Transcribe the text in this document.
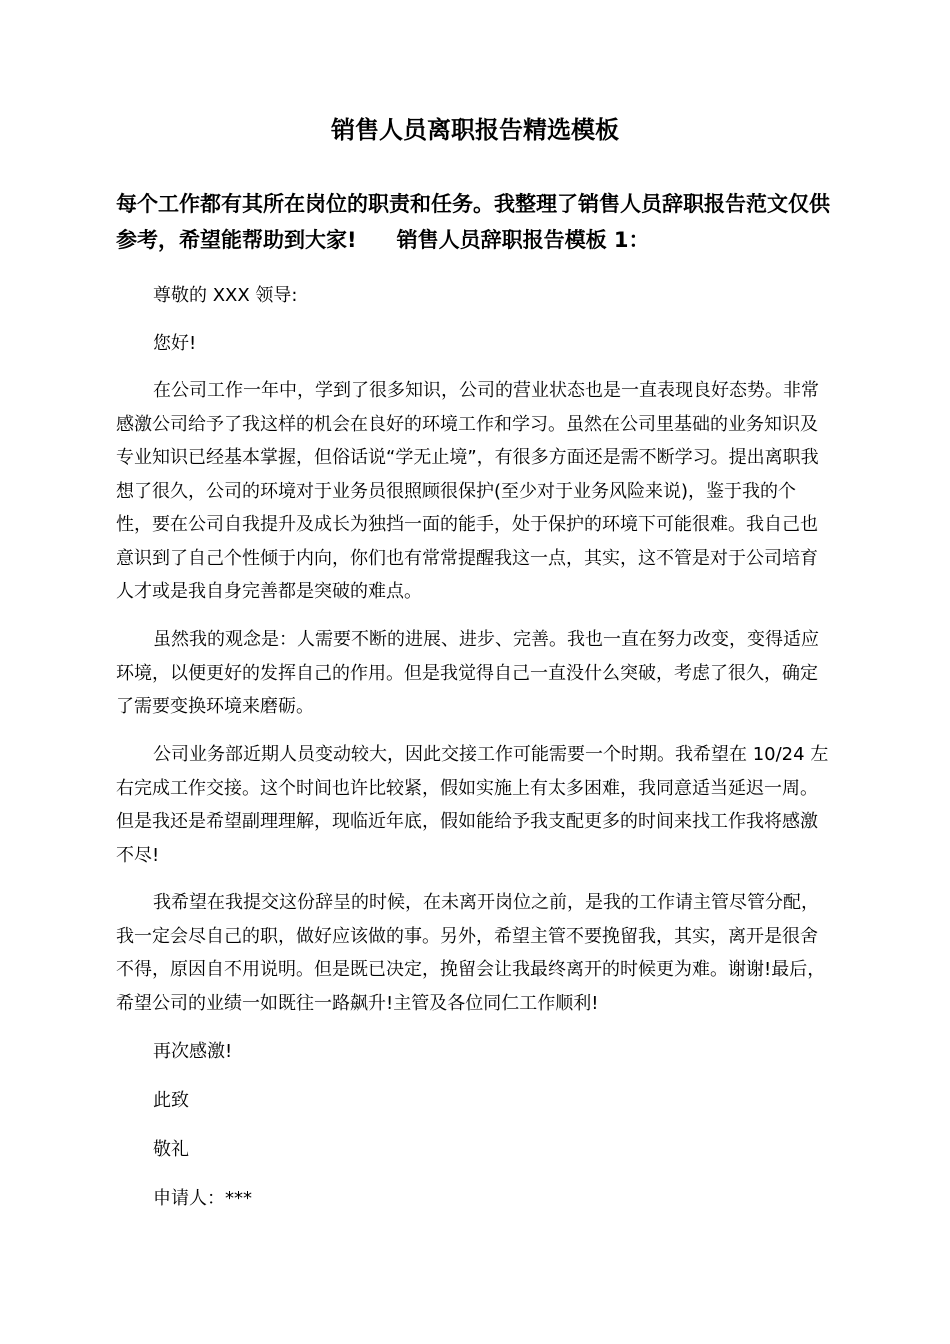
销售人员离职报告精选模板

每个工作都有其所在岗位的职责和任务。我整理了销售人员辞职报告范文仅供参考，希望能帮助到大家! 销售人员辞职报告模板 1：

尊敬的 XXX 领导:

您好!

在公司工作一年中，学到了很多知识，公司的营业状态也是一直表现良好态势。非常感激公司给予了我这样的机会在良好的环境工作和学习。虽然在公司里基础的业务知识及专业知识已经基本掌握，但俗话说“学无止境”，有很多方面还是需不断学习。提出离职我想了很久，公司的环境对于业务员很照顾很保护(至少对于业务风险来说)，鉴于我的个性，要在公司自我提升及成长为独挡一面的能手，处于保护的环境下可能很难。我自己也意识到了自己个性倾于内向，你们也有常常提醒我这一点，其实，这不管是对于公司培育人才或是我自身完善都是突破的难点。

虽然我的观念是：人需要不断的进展、进步、完善。我也一直在努力改变，变得适应环境，以便更好的发挥自己的作用。但是我觉得自己一直没什么突破，考虑了很久，确定了需要变换环境来磨砺。

公司业务部近期人员变动较大，因此交接工作可能需要一个时期。我希望在 10/24 左右完成工作交接。这个时间也许比较紧，假如实施上有太多困难，我同意适当延迟一周。但是我还是希望副理理解，现临近年底，假如能给予我支配更多的时间来找工作我将感激不尽!

我希望在我提交这份辞呈的时候，在未离开岗位之前，是我的工作请主管尽管分配，我一定会尽自己的职，做好应该做的事。另外，希望主管不要挽留我，其实，离开是很舍不得，原因自不用说明。但是既已决定，挽留会让我最终离开的时候更为难。谢谢!最后，希望公司的业绩一如既往一路飙升!主管及各位同仁工作顺利!

再次感激!

此致

敬礼

申请人：***
